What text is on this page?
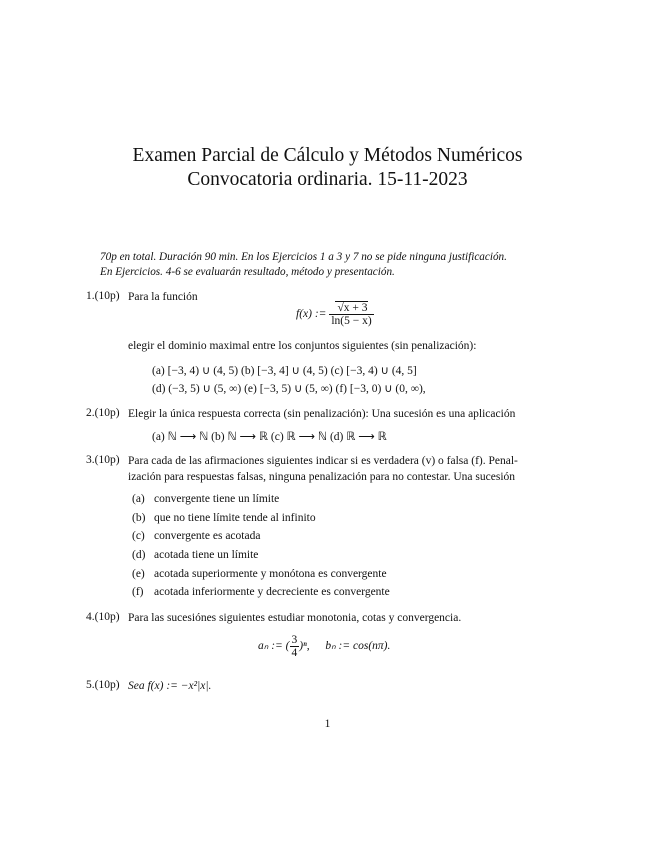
Examen Parcial de Cálculo y Métodos Numéricos
Convocatoria ordinaria. 15-11-2023
70p en total. Duración 90 min. En los Ejercicios 1 a 3 y 7 no se pide ninguna justificación.
En Ejercicios. 4-6 se evaluarán resultado, método y presentación.
1.(10p) Para la función
f(x) := $\frac{√x + 3}{\ln(5 - x)}$
elegir el dominio maximal entre los conjuntos siguientes (sin penalización):
(a) [−3, 4) ∪ (4, 5) (b) [−3, 4] ∪ (4, 5) (c) [−3, 4) ∪ (4, 5]
(d) (−3, 5) ∪ (5, ∞) (e) [−3, 5) ∪ (5, ∞) (f) [−3, 0) ∪ (0, ∞),
2.(10p) Elegir la única respuesta correcta (sin penalización): Una sucesión es una aplicación
(a) ℕ ⟶ ℕ (b) ℕ ⟶ ℝ (c) ℝ ⟶ ℕ (d) ℝ ⟶ ℝ
3.(10p) Para cada de las afirmaciones siguientes indicar si es verdadera (v) o falsa (f). Penal-
ización para respuestas falsas, ninguna penalización para no contestar. Una sucesión
(a) convergente tiene un límite
(b) que no tiene límite tende al infinito
(c) convergente es acotada
(d) acotada tiene un límite
(e) acotada superiormente y monótona es convergente
(f) acotada inferiormente y decreciente es convergente
4.(10p) Para las sucesiónes siguientes estudiar monotonia, cotas y convergencia.
aₙ := ( $\frac{3}{4} )^n$, bₙ := cos(nπ).
5.(10p) Sea f(x) := −x²|x|.
1
